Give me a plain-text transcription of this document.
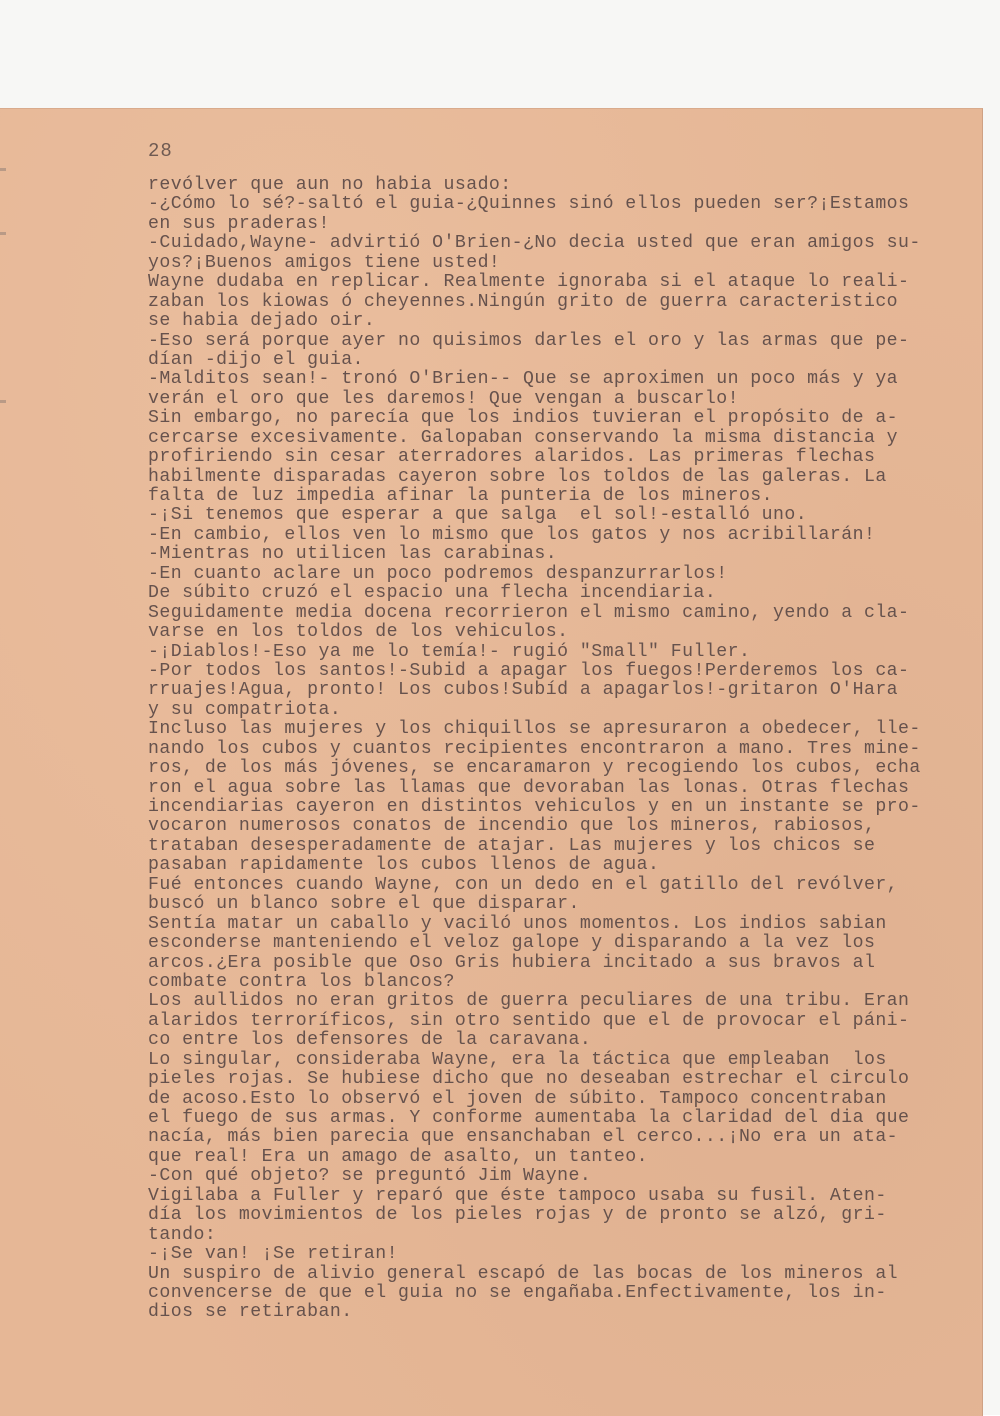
28
revólver que aun no habia usado:
-¿Cómo lo sé?-saltó el guia-¿Quinnes sinó ellos pueden ser?¡Estamos
en sus praderas!
-Cuidado,Wayne- advirtió O'Brien-¿No decia usted que eran amigos su-
yos?¡Buenos amigos tiene usted!
Wayne dudaba en replicar. Realmente ignoraba si el ataque lo reali-
zaban los kiowas ó cheyennes.Ningún grito de guerra caracteristico
se habia dejado oir.
-Eso será porque ayer no quisimos darles el oro y las armas que pe-
dían -dijo el guia.
-Malditos sean!- tronó O'Brien-- Que se aproximen un poco más y ya
verán el oro que les daremos! Que vengan a buscarlo!
Sin embargo, no parecía que los indios tuvieran el propósito de a-
cercarse excesivamente. Galopaban conservando la misma distancia y
profiriendo sin cesar aterradores alaridos. Las primeras flechas
habilmente disparadas cayeron sobre los toldos de las galeras. La
falta de luz impedia afinar la punteria de los mineros.
-¡Si tenemos que esperar a que salga  el sol!-estalló uno.
-En cambio, ellos ven lo mismo que los gatos y nos acribillarán!
-Mientras no utilicen las carabinas.
-En cuanto aclare un poco podremos despanzurrarlos!
De súbito cruzó el espacio una flecha incendiaria.
Seguidamente media docena recorrieron el mismo camino, yendo a cla-
varse en los toldos de los vehiculos.
-¡Diablos!-Eso ya me lo temía!- rugió "Small" Fuller.
-Por todos los santos!-Subid a apagar los fuegos!Perderemos los ca-
rruajes!Agua, pronto! Los cubos!Subíd a apagarlos!-gritaron O'Hara
y su compatriota.
Incluso las mujeres y los chiquillos se apresuraron a obedecer, lle-
nando los cubos y cuantos recipientes encontraron a mano. Tres mine-
ros, de los más jóvenes, se encaramaron y recogiendo los cubos, echa
ron el agua sobre las llamas que devoraban las lonas. Otras flechas
incendiarias cayeron en distintos vehiculos y en un instante se pro-
vocaron numerosos conatos de incendio que los mineros, rabiosos,
trataban desesperadamente de atajar. Las mujeres y los chicos se
pasaban rapidamente los cubos llenos de agua.
Fué entonces cuando Wayne, con un dedo en el gatillo del revólver,
buscó un blanco sobre el que disparar.
Sentía matar un caballo y vaciló unos momentos. Los indios sabian
esconderse manteniendo el veloz galope y disparando a la vez los
arcos.¿Era posible que Oso Gris hubiera incitado a sus bravos al
combate contra los blancos?
Los aullidos no eran gritos de guerra peculiares de una tribu. Eran
alaridos terroríficos, sin otro sentido que el de provocar el páni-
co entre los defensores de la caravana.
Lo singular, consideraba Wayne, era la táctica que empleaban  los
pieles rojas. Se hubiese dicho que no deseaban estrechar el circulo
de acoso.Esto lo observó el joven de súbito. Tampoco concentraban
el fuego de sus armas. Y conforme aumentaba la claridad del dia que
nacía, más bien parecia que ensanchaban el cerco...¡No era un ata-
que real! Era un amago de asalto, un tanteo.
-Con qué objeto? se preguntó Jim Wayne.
Vigilaba a Fuller y reparó que éste tampoco usaba su fusil. Aten-
día los movimientos de los pieles rojas y de pronto se alzó, gri-
tando:
-¡Se van! ¡Se retiran!
Un suspiro de alivio general escapó de las bocas de los mineros al
convencerse de que el guia no se engañaba.Enfectivamente, los in-
dios se retiraban.
